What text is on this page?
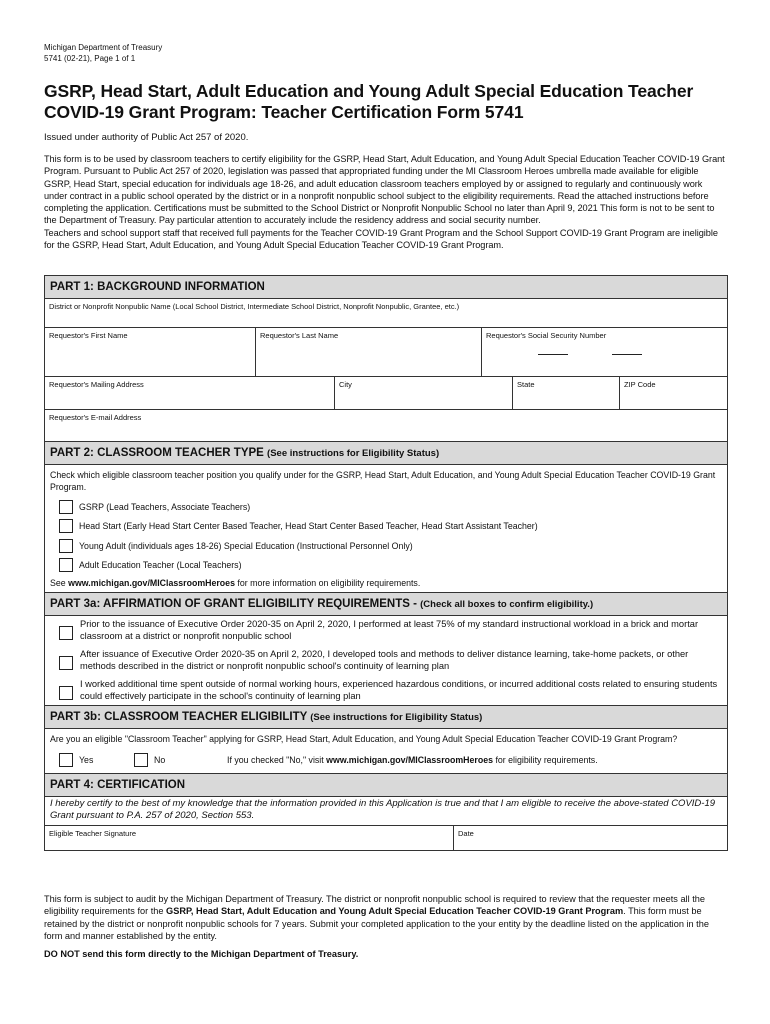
Michigan Department of Treasury
5741 (02-21), Page 1 of 1
GSRP, Head Start, Adult Education and Young Adult Special Education Teacher
COVID-19 Grant Program: Teacher Certification Form 5741
Issued under authority of Public Act 257 of 2020.
This form is to be used by classroom teachers to certify eligibility for the GSRP, Head Start, Adult Education, and Young Adult Special Education Teacher COVID-19 Grant Program. Pursuant to Public Act 257 of 2020, legislation was passed that appropriated funding under the MI Classroom Heroes umbrella made available for eligible GSRP, Head Start, special education for individuals age 18-26, and adult education classroom teachers employed by or assigned to regularly and continuously work under contract in a public school operated by the district or in a nonprofit nonpublic school subject to the eligibility requirements. Read the attached instructions before completing the application. Certifications must be submitted to the School District or Nonprofit Nonpublic School no later than April 9, 2021 This form is not to be sent to the Department of Treasury. Pay particular attention to accurately include the residency address and social security number.
Teachers and school support staff that received full payments for the Teacher COVID-19 Grant Program and the School Support COVID-19 Grant Program are ineligible for the GSRP, Head Start, Adult Education, and Young Adult Special Education Teacher COVID-19 Grant Program.
PART 1: BACKGROUND INFORMATION
District or Nonprofit Nonpublic Name (Local School District, Intermediate School District, Nonprofit Nonpublic, Grantee, etc.)
Requestor's First Name	Requestor's Last Name	Requestor's Social Security Number
Requestor's Mailing Address	City	State	ZIP Code
Requestor's E-mail Address
PART 2: CLASSROOM TEACHER TYPE (See instructions for Eligibility Status)
Check which eligible classroom teacher position you qualify under for the GSRP, Head Start, Adult Education, and Young Adult Special Education Teacher COVID-19 Grant Program.
GSRP (Lead Teachers, Associate Teachers)
Head Start (Early Head Start Center Based Teacher, Head Start Center Based Teacher, Head Start Assistant Teacher)
Young Adult (individuals ages 18-26) Special Education (Instructional Personnel Only)
Adult Education Teacher (Local Teachers)
See www.michigan.gov/MIClassroomHeroes for more information on eligibility requirements.
PART 3a: AFFIRMATION OF GRANT ELIGIBILITY REQUIREMENTS - (Check all boxes to confirm eligibility.)
Prior to the issuance of Executive Order 2020-35 on April 2, 2020, I performed at least 75% of my standard instructional workload in a brick and mortar classroom at a district or nonprofit nonpublic school
After issuance of Executive Order 2020-35 on April 2, 2020, I developed tools and methods to deliver distance learning, take-home packets, or other methods described in the district or nonprofit nonpublic school's continuity of learning plan
I worked additional time spent outside of normal working hours, experienced hazardous conditions, or incurred additional costs related to ensuring students could effectively participate in the school's continuity of learning plan
PART 3b: CLASSROOM TEACHER ELIGIBILITY (See instructions for Eligibility Status)
Are you an eligible "Classroom Teacher" applying for GSRP, Head Start, Adult Education, and Young Adult Special Education Teacher COVID-19 Grant Program?
Yes	No	If you checked "No," visit www.michigan.gov/MIClassroomHeroes for eligibility requirements.
PART 4: CERTIFICATION
I hereby certify to the best of my knowledge that the information provided in this Application is true and that I am eligible to receive the above-stated COVID-19 Grant pursuant to P.A. 257 of 2020, Section 553.
Eligible Teacher Signature	Date
This form is subject to audit by the Michigan Department of Treasury. The district or nonprofit nonpublic school is required to review that the requester meets all the eligibility requirements for the GSRP, Head Start, Adult Education and Young Adult Special Education Teacher COVID-19 Grant Program. This form must be retained by the district or nonprofit nonpublic schools for 7 years. Submit your completed application to the your entity by the deadline listed on the application in the form and manner established by the entity.
DO NOT send this form directly to the Michigan Department of Treasury.
